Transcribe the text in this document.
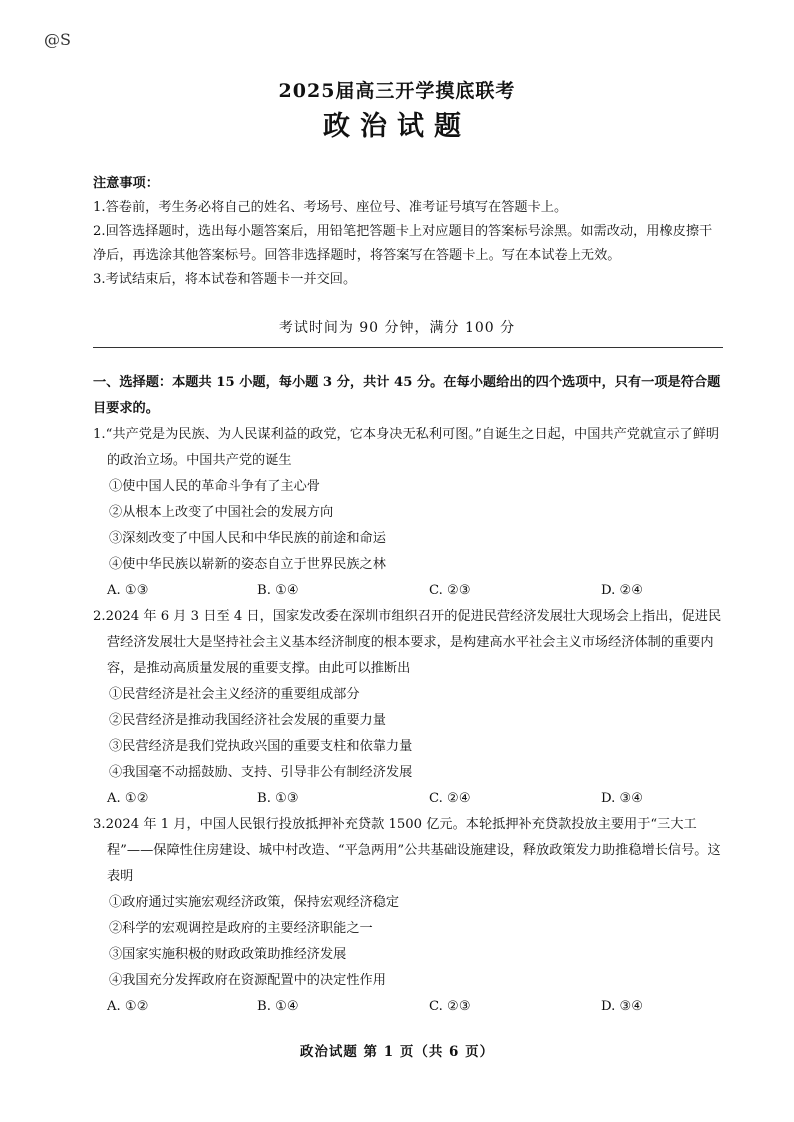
@S
2025届高三开学摸底联考
政治试题

注意事项：

1.答卷前，考生务必将自己的姓名、考场号、座位号、准考证号填写在答题卡上。

2.回答选择题时，选出每小题答案后，用铅笔把答题卡上对应题目的答案标号涂黑。如需改动，用橡皮擦干净后，再选涂其他答案标号。回答非选择题时，将答案写在答题卡上。写在本试卷上无效。

3.考试结束后，将本试卷和答题卡一并交回。

考试时间为 90 分钟，满分 100 分

一、选择题：本题共 15 小题，每小题 3 分，共计 45 分。在每小题给出的四个选项中，只有一项是符合题目要求的。

1.“共产党是为民族、为人民谋利益的政党，它本身决无私利可图。”自诞生之日起，中国共产党就宣示了鲜明的政治立场。中国共产党的诞生

①使中国人民的革命斗争有了主心骨

②从根本上改变了中国社会的发展方向

③深刻改变了中国人民和中华民族的前途和命运

④使中华民族以崭新的姿态自立于世界民族之林

A. ①③	B. ①④	C. ②③	D. ②④

2.2024 年 6 月 3 日至 4 日，国家发改委在深圳市组织召开的促进民营经济发展壮大现场会上指出，促进民营经济发展壮大是坚持社会主义基本经济制度的根本要求，是构建高水平社会主义市场经济体制的重要内容，是推动高质量发展的重要支撑。由此可以推断出

①民营经济是社会主义经济的重要组成部分

②民营经济是推动我国经济社会发展的重要力量

③民营经济是我们党执政兴国的重要支柱和依靠力量

④我国毫不动摇鼓励、支持、引导非公有制经济发展

A. ①②	B. ①③	C. ②④	D. ③④

3.2024 年 1 月，中国人民银行投放抵押补充贷款 1500 亿元。本轮抵押补充贷款投放主要用于“三大工程”——保障性住房建设、城中村改造、“平急两用”公共基础设施建设，释放政策发力助推稳增长信号。这表明

①政府通过实施宏观经济政策，保持宏观经济稳定

②科学的宏观调控是政府的主要经济职能之一

③国家实施积极的财政政策助推经济发展

④我国充分发挥政府在资源配置中的决定性作用

A. ①②	B. ①④	C. ②③	D. ③④
政治试题 第 1 页（共 6 页）
